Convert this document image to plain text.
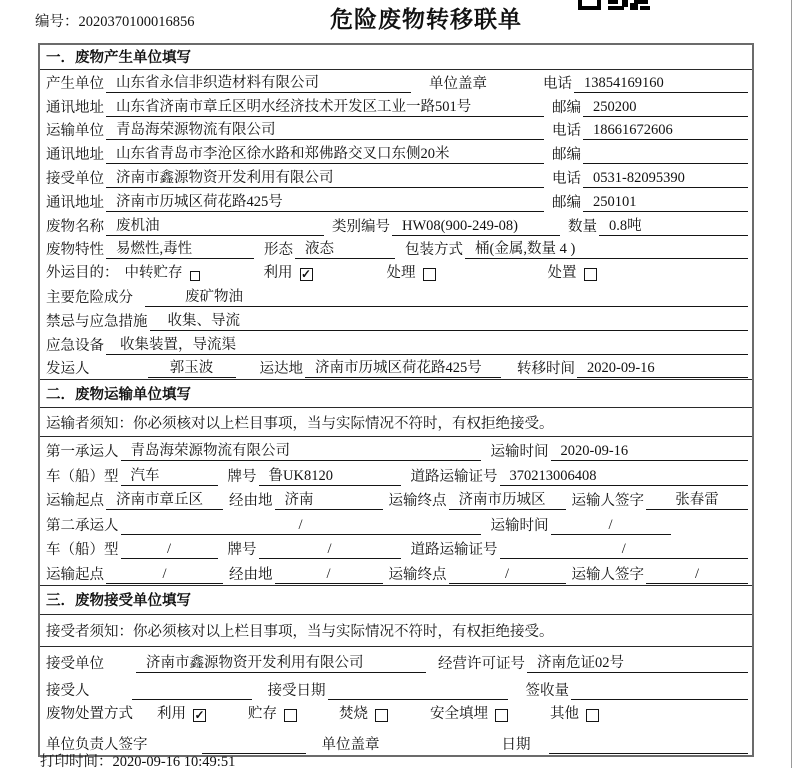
编号：2020370100016856	危险废物转移联单
一．废物产生单位填写
产生单位 山东省永信非织造材料有限公司	单位盖章	电话 13854169160
通讯地址 山东省济南市章丘区明水经济技术开发区工业一路501号	邮编 250200
运输单位 青岛海荣源物流有限公司	电话 18661672606
通讯地址 山东省青岛市李沧区徐水路和郑佛路交叉口东侧20米	邮编
接受单位 济南市鑫源物资开发利用有限公司	电话 0531-82095390
通讯地址 济南市历城区荷花路425号	邮编 250101
废物名称 废机油	类别编号 HW08(900-249-08)	数量 0.8吨
废物特性 易燃性,毒性	形态 液态	包装方式 桶(金属,数量 4 )
外运目的： 中转贮存	利用 ✓	处理	处置
主要危险成分	废矿物油
禁忌与应急措施	收集、导流
应急设备	收集装置，导流渠
发运人	郭玉波	运达地 济南市历城区荷花路425号	转移时间 2020-09-16
二．废物运输单位填写
运输者须知：你必须核对以上栏目事项，当与实际情况不符时，有权拒绝接受。
第一承运人 青岛海荣源物流有限公司	运输时间 2020-09-16
车（船）型 汽车	牌号 鲁UK8120	道路运输证号 370213006408
运输起点 济南市章丘区	经由地 济南	运输终点 济南市历城区	运输人签字	张春雷
第二承运人	/	运输时间	/
车（船）型	/	牌号	/	道路运输证号	/
运输起点	/	经由地	/	运输终点	/	运输人签字	/
三．废物接受单位填写
接受者须知：你必须核对以上栏目事项，当与实际情况不符时，有权拒绝接受。
接受单位	济南市鑫源物资开发利用有限公司	经营许可证号 济南危证02号
接受人	接受日期	签收量
废物处置方式 利用 ✓	贮存	焚烧	安全填埋	其他
单位负责人签字	单位盖章	日期
打印时间：2020-09-16 10:49:51
